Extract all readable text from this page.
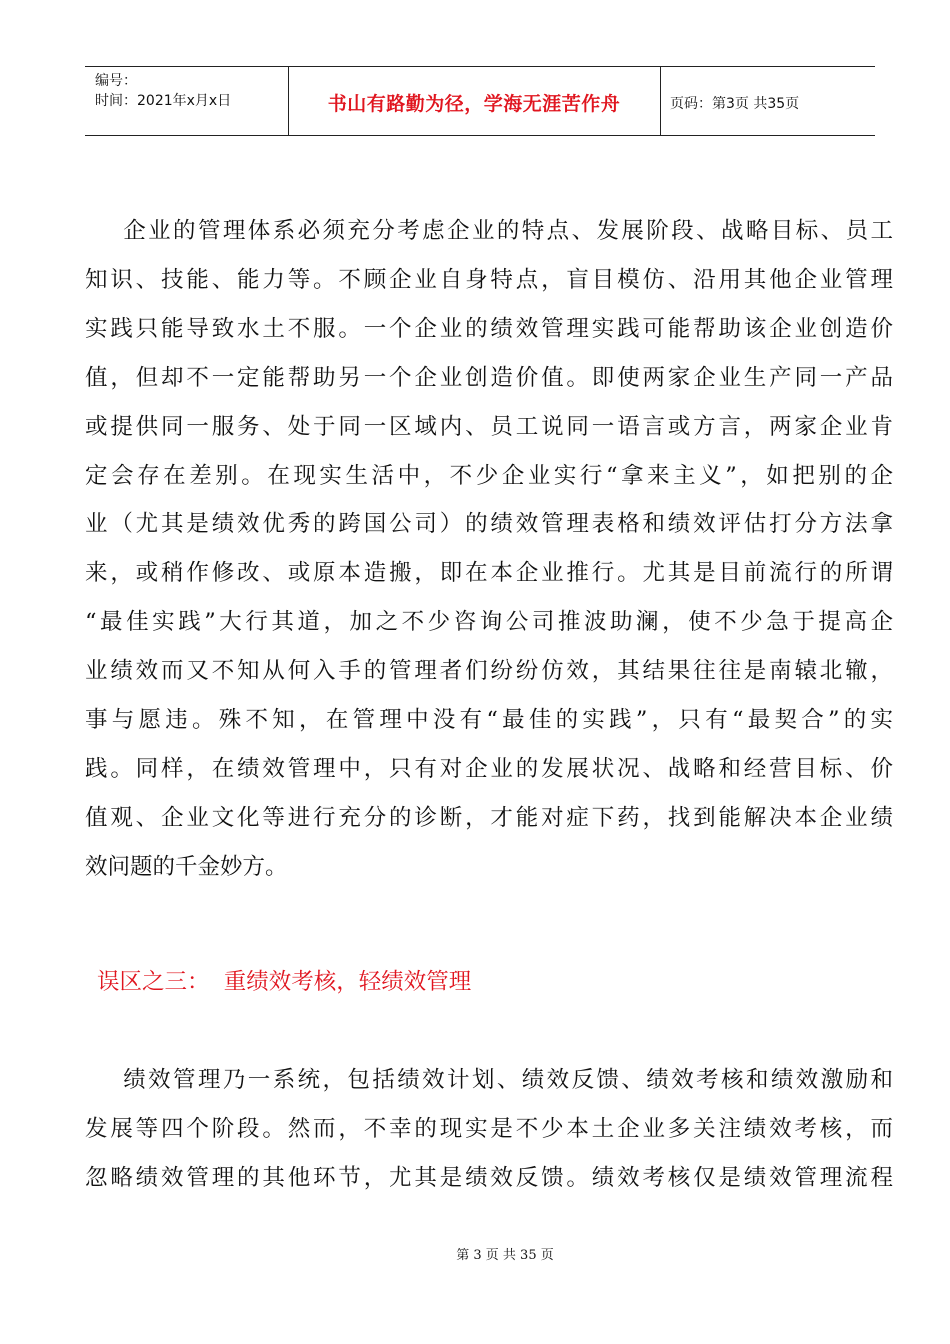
编号：
时间：2021年x月x日	书山有路勤为径，学海无涯苦作舟	页码：第3页 共35页
企业的管理体系必须充分考虑企业的特点、发展阶段、战略目标、员工
知识、技能、能力等。不顾企业自身特点，盲目模仿、沿用其他企业管理
实践只能导致水土不服。一个企业的绩效管理实践可能帮助该企业创造价
值，但却不一定能帮助另一个企业创造价值。即使两家企业生产同一产品
或提供同一服务、处于同一区域内、员工说同一语言或方言，两家企业肯
定会存在差别。在现实生活中，不少企业实行“拿来主义”，如把别的企
业（尤其是绩效优秀的跨国公司）的绩效管理表格和绩效评估打分方法拿
来，或稍作修改、或原本造搬，即在本企业推行。尤其是目前流行的所谓
“最佳实践”大行其道，加之不少咨询公司推波助澜，使不少急于提高企
业绩效而又不知从何入手的管理者们纷纷仿效，其结果往往是南辕北辙，
事与愿违。殊不知，在管理中没有“最佳的实践”，只有“最契合”的实
践。同样，在绩效管理中，只有对企业的发展状况、战略和经营目标、价
值观、企业文化等进行充分的诊断，才能对症下药，找到能解决本企业绩
效问题的千金妙方。
误区之三：  重绩效考核，轻绩效管理
绩效管理乃一系统，包括绩效计划、绩效反馈、绩效考核和绩效激励和
发展等四个阶段。然而，不幸的现实是不少本土企业多关注绩效考核，而
忽略绩效管理的其他环节，尤其是绩效反馈。绩效考核仅是绩效管理流程
第 3 页 共 35 页
